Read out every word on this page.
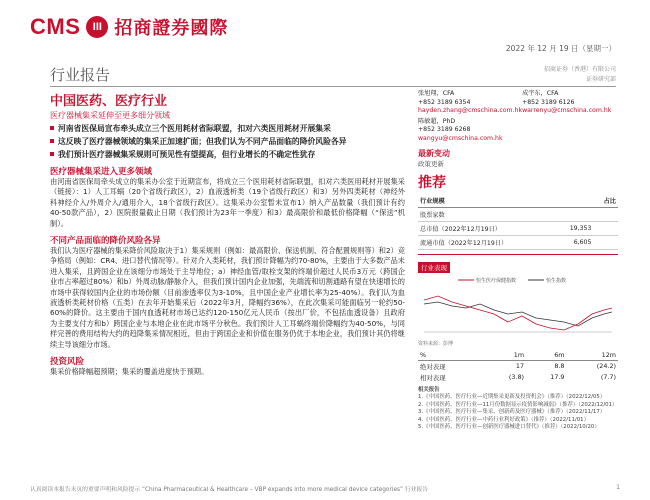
CMS	III 招商證券國際
2022 年 12 月 19 日（星期一）
行业报告	招商证券（香港）有限公司
证券研究部
中国医药、医疗行业
医疗器械集采延伸至更多细分领域
河南省医保局宣布牵头成立三个医用耗材省际联盟，扣对六类医用耗材开展集采
这反映了医疗器械领域的集采正加速扩面；但我们认为不同产品面临的降价风险各异
我们预计医疗器械集采规则可预见性有望提高，但行业增长的不确定性犹存
医疗器械集采进入更多领域
由河南省医保局牵头成立的集采办公室于近期宣布，将成立三个医用耗材省际联盟，扣对六类医用耗材开展集采（链接）：1）人工耳蜗（20个省级行政区），2）血液透析类（19个省级行政区）和3）另外四类耗材（神经外科神经介入/外周介入/通用介入，18个省级行政区）。这集采办公室暂未宣布1）纳入产品数量（我们预计有约40-50款产品），2）医院报量截止日期（我们预计为23年一季度）和3）最高限价和最低价格降幅（“保送”机制）。
不同产品面临的降价风险各异
我们认为医疗器械的集采降价风险取决于1）集采规则（例如：最高限价、保送机制、符合配置规则等）和2）竞争格局（例如：CR4、进口替代情况等）。针对介入类耗材，我们预计降幅为约70-80%，主要由于大多数产品未进入集采，且跨国企业在该细分市场处于主导地位；a）神经血管/取栓支架的终端价超过人民币3万元（跨国企业市占率超过80%）和b）外周动脉/静脉介入，但我们预计国内企业加强，先端流和切割通路有望在快速增长的市场中获得较国内企业的市场份额（目前渗透率仅为3-10%，且中国企业产业增长率为25-40%）。我们认为血液透析类耗材价格（五类）在去年开始集采后（2022年3月，降幅约36%），在此次集采可能面临另一轮约50-60%的降价。这主要由于国内血透耗材市场已达约120-150亿元人民币（按出厂价，不包括血透设备）且政府为主要支付方和b）跨国企业与本地企业在此市场平分秋色。我们预计人工耳蜗终端价降幅约为40-50%，与同样完善的费用结构大约的趋降集采情况相近，但由于跨国企业和价值在服务仍优于本地企业，我们预计其仍将继续主导该细分市场。
投资风险
集采价格降幅超预期；集采的覆盖进度快于预期。
张旭翔，CFA	成宇东，CFA
+852 3189 6354	+852 3189 6126
hayden.zhang@cmschina.com.hk warrenyu@cmschina.com.hk
陈敏超，PhD
+852 3189 6268
wangyu@cmschina.com.hk
最新变动
政策更新
推荐
行业规模		占比
股票家数		
总市值（2022年12月19日）	19,353	
流通市值（2022年12月19日）	6,605	
行业表现
恒生医疗保健指数	恒生指数
资料来源：彭博
%	1m	6m	12m
绝对表现	17	8.8	(24.2)
相对表现	(3.8)	17.9	(7.7)
相关报告
1.《中国医药、医疗行业—近期集采更新及投资机会》（推荐）（2022/12/05）
2.《中国医药、医疗行业—11月份数据显示疫情影响减弱》（推荐）（2022/12/01）
3.《中国医药、医疗行业—集采、创新药及医疗器械》（推荐）（2022/11/17）
4.《中国医药、医疗行业—中药行业利好政策》（推荐）（2022/11/01）
5.《中国医药、医疗行业—创新医疗器械进口替代》（推荐）（2022/10/20）
认真阅读本报告末页的重要声明和风险提示 “China Pharmaceutical & Healthcare – VBP expands into more medical device categories” 行业报告	1
